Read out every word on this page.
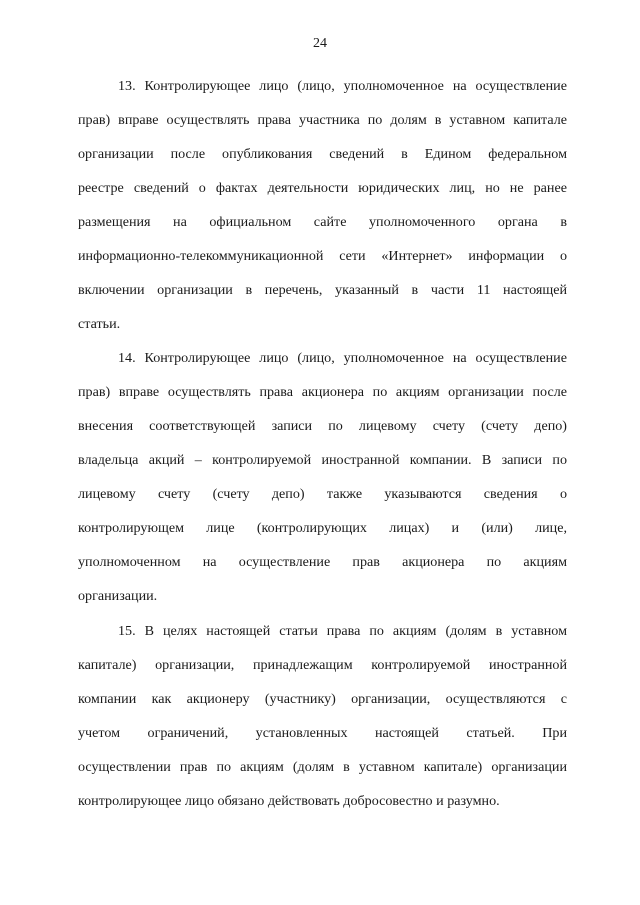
24
13. Контролирующее лицо (лицо, уполномоченное на осуществление
прав) вправе осуществлять права участника по долям в уставном капитале
организации после опубликования сведений в Едином федеральном
реестре сведений о фактах деятельности юридических лиц, но не ранее
размещения на официальном сайте уполномоченного органа в
информационно-телекоммуникационной сети «Интернет» информации о
включении организации в перечень, указанный в части 11 настоящей
статьи.
14. Контролирующее лицо (лицо, уполномоченное на осуществление
прав) вправе осуществлять права акционера по акциям организации после
внесения соответствующей записи по лицевому счету (счету депо)
владельца акций – контролируемой иностранной компании. В записи по
лицевому счету (счету депо) также указываются сведения о
контролирующем лице (контролирующих лицах) и (или) лице,
уполномоченном на осуществление прав акционера по акциям
организации.
15. В целях настоящей статьи права по акциям (долям в уставном
капитале) организации, принадлежащим контролируемой иностранной
компании как акционеру (участнику) организации, осуществляются с
учетом ограничений, установленных настоящей статьей. При
осуществлении прав по акциям (долям в уставном капитале) организации
контролирующее лицо обязано действовать добросовестно и разумно.
